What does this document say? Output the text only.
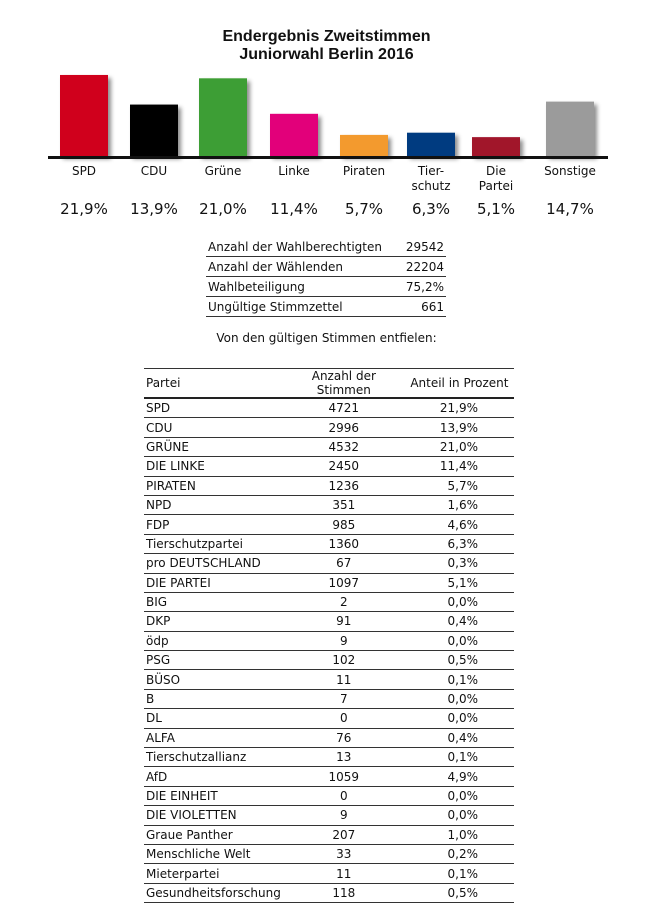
Endergebnis Zweitstimmen
Juniorwahl Berlin 2016
SPD
21,9%
CDU
13,9%
Grüne
21,0%
Linke
11,4%
Piraten
5,7%
Tier-schutz
6,3%
Die Partei
5,1%
Sonstige
14,7%
Anzahl der Wahlberechtigten	29542
Anzahl der Wählenden	22204
Wahlbeteiligung	75,2%
Ungültige Stimmzettel	661
Von den gültigen Stimmen entfielen:
Partei	Anzahl der Stimmen	Anteil in Prozent
SPD	4721	21,9%
CDU	2996	13,9%
GRÜNE	4532	21,0%
DIE LINKE	2450	11,4%
PIRATEN	1236	5,7%
NPD	351	1,6%
FDP	985	4,6%
Tierschutzpartei	1360	6,3%
pro DEUTSCHLAND	67	0,3%
DIE PARTEI	1097	5,1%
BIG	2	0,0%
DKP	91	0,4%
ödp	9	0,0%
PSG	102	0,5%
BÜSO	11	0,1%
B	7	0,0%
DL	0	0,0%
ALFA	76	0,4%
Tierschutzallianz	13	0,1%
AfD	1059	4,9%
DIE EINHEIT	0	0,0%
DIE VIOLETTEN	9	0,0%
Graue Panther	207	1,0%
Menschliche Welt	33	0,2%
Mieterpartei	11	0,1%
Gesundheitsforschung	118	0,5%
